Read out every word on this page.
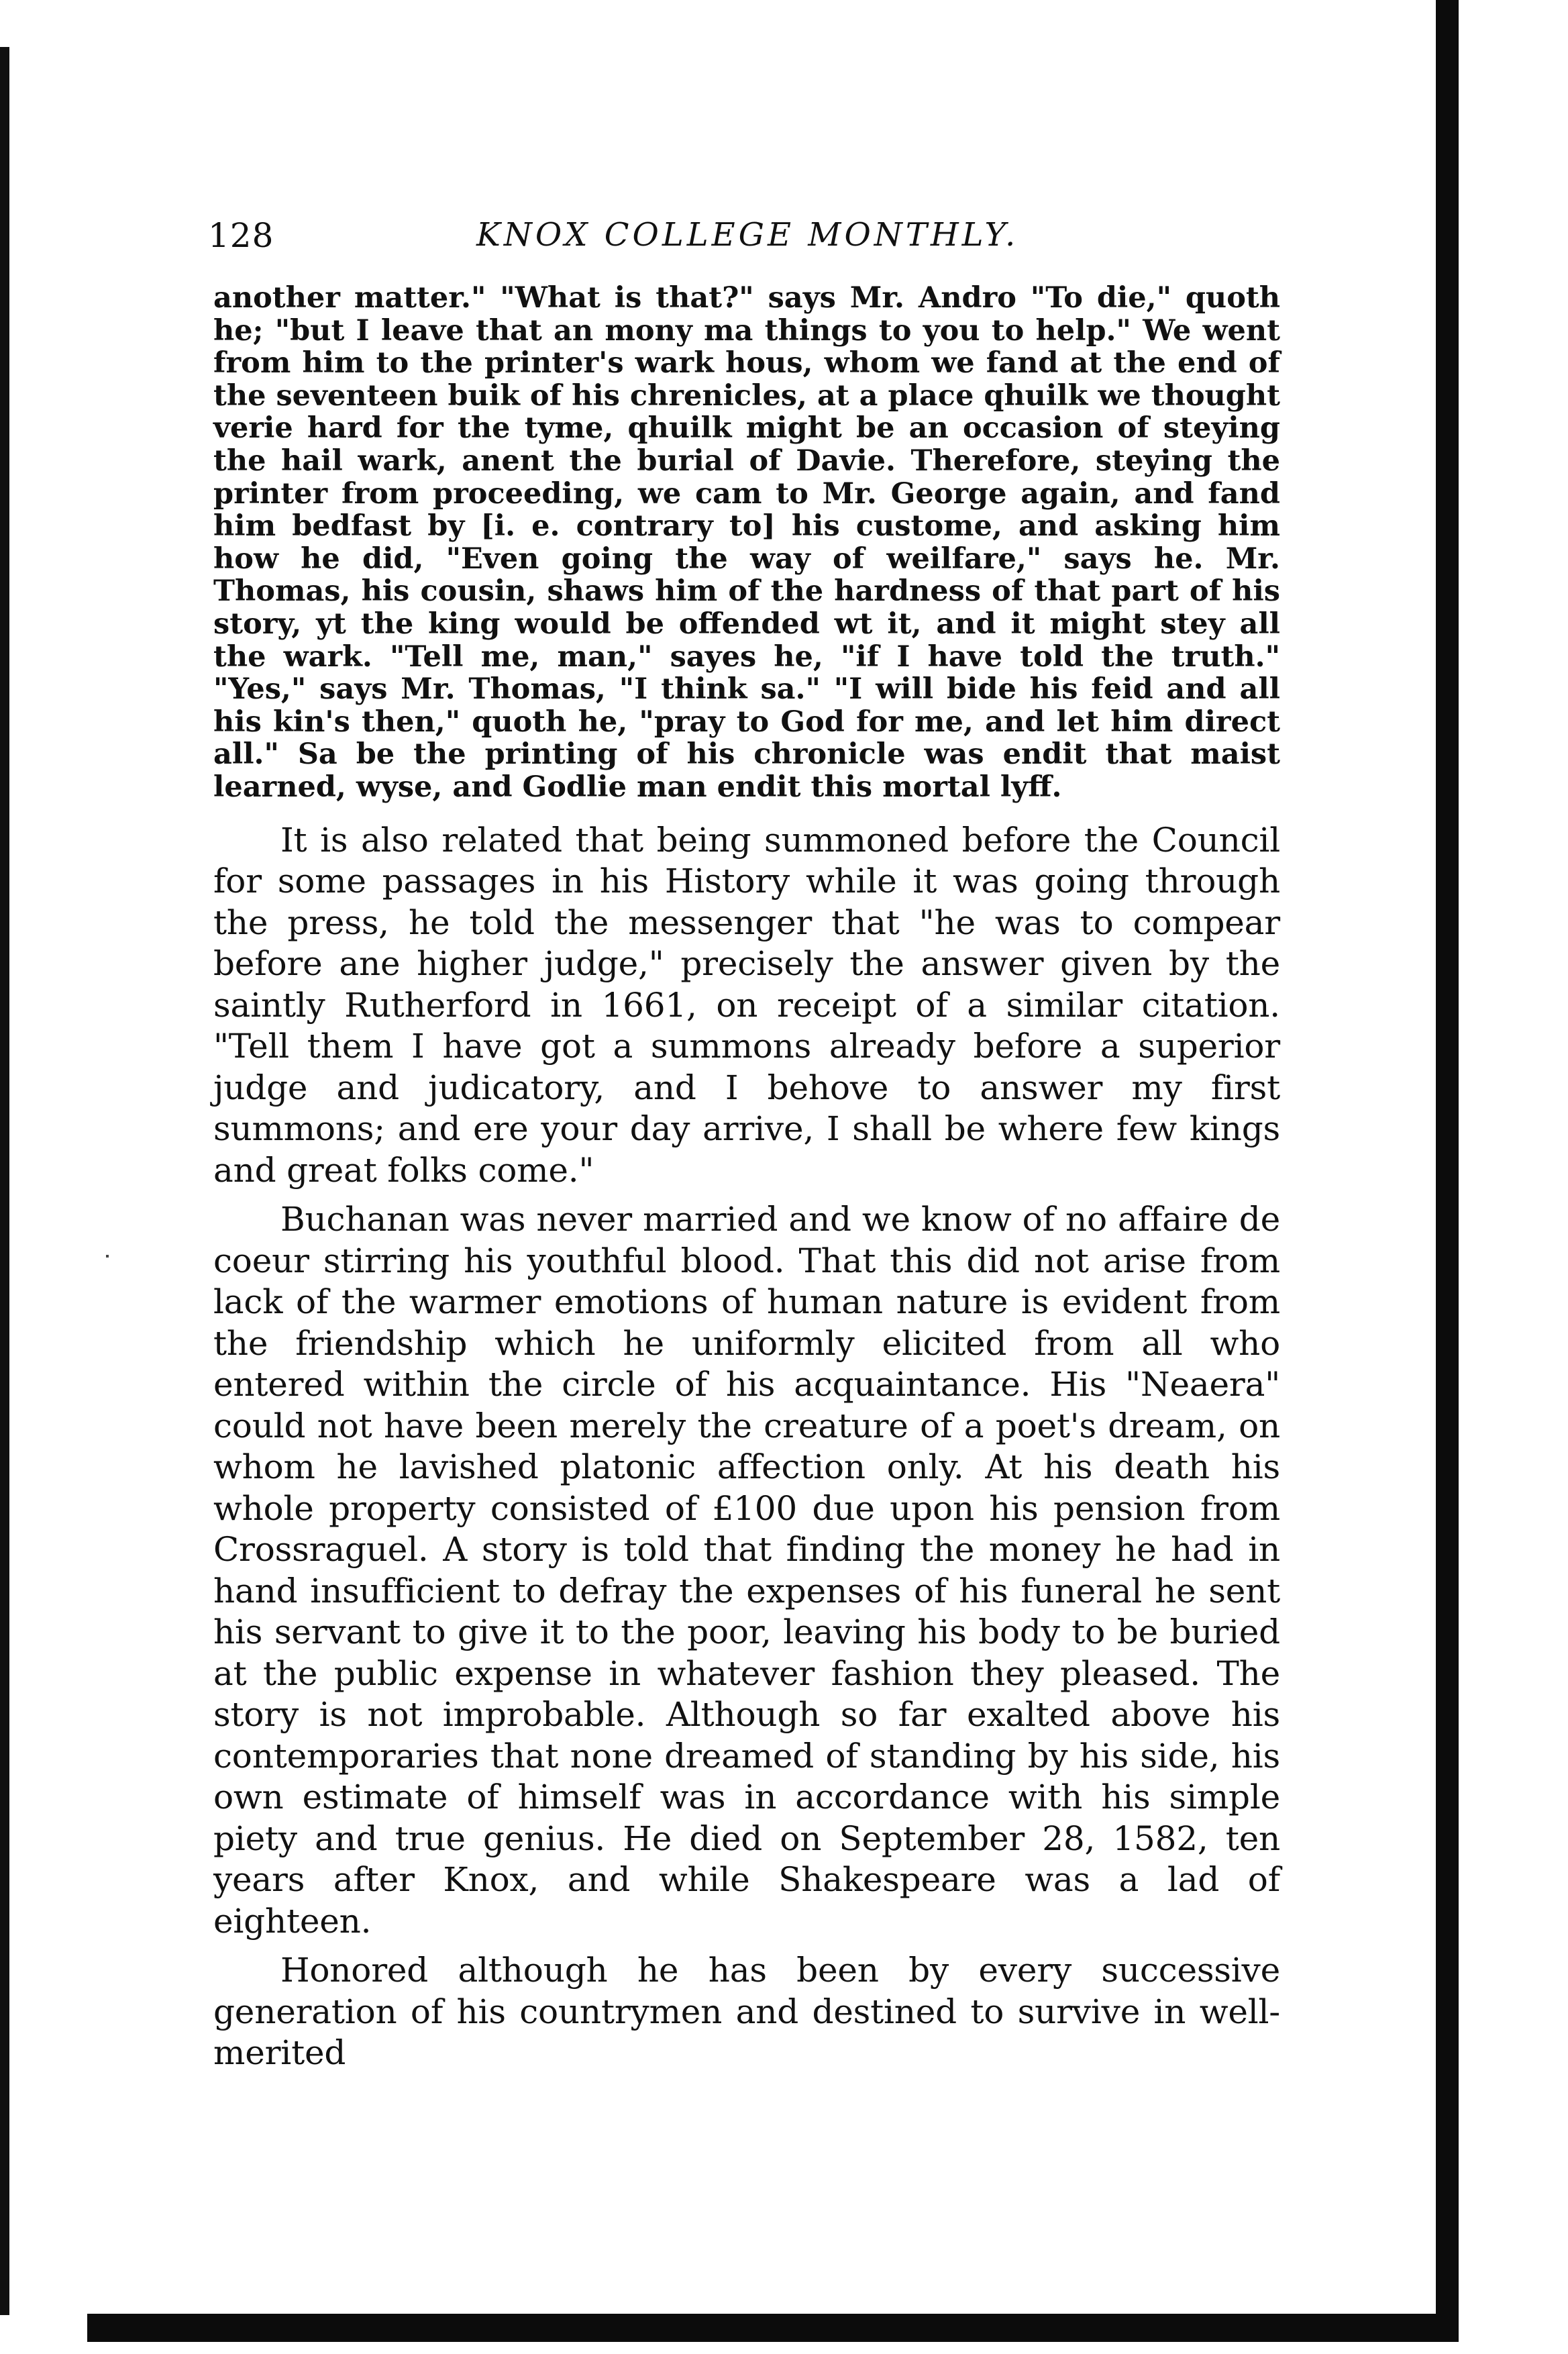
128	KNOX COLLEGE MONTHLY.

another matter." "What is that?" says Mr. Andro "To die," quoth he; "but I leave that an mony ma things to you to help." We went from him to the printer's wark hous, whom we fand at the end of the seventeen buik of his chrenicles, at a place qhuilk we thought verie hard for the tyme, qhuilk might be an occasion of steying the hail wark, anent the burial of Davie. Therefore, steying the printer from proceeding, we cam to Mr. George again, and fand him bedfast by [i. e. contrary to] his custome, and asking him how he did, "Even going the way of weilfare," says he. Mr. Thomas, his cousin, shaws him of the hardness of that part of his story, yt the king would be offended wt it, and it might stey all the wark. "Tell me, man," sayes he, "if I have told the truth." "Yes," says Mr. Thomas, "I think sa." "I will bide his feid and all his kin's then," quoth he, "pray to God for me, and let him direct all." Sa be the printing of his chronicle was endit that maist learned, wyse, and Godlie man endit this mortal lyff.

It is also related that being summoned before the Council for some passages in his History while it was going through the press, he told the messenger that "he was to compear before ane higher judge," precisely the answer given by the saintly Rutherford in 1661, on receipt of a similar citation. "Tell them I have got a summons already before a superior judge and judicatory, and I behove to answer my first summons; and ere your day arrive, I shall be where few kings and great folks come."

Buchanan was never married and we know of no affaire de coeur stirring his youthful blood. That this did not arise from lack of the warmer emotions of human nature is evident from the friendship which he uniformly elicited from all who entered within the circle of his acquaintance. His "Neaera" could not have been merely the creature of a poet's dream, on whom he lavished platonic affection only. At his death his whole property consisted of £100 due upon his pension from Crossraguel. A story is told that finding the money he had in hand insufficient to defray the expenses of his funeral he sent his servant to give it to the poor, leaving his body to be buried at the public expense in whatever fashion they pleased. The story is not improbable. Although so far exalted above his contemporaries that none dreamed of standing by his side, his own estimate of himself was in accordance with his simple piety and true genius. He died on September 28, 1582, ten years after Knox, and while Shakespeare was a lad of eighteen.

Honored although he has been by every successive generation of his countrymen and destined to survive in well-merited
